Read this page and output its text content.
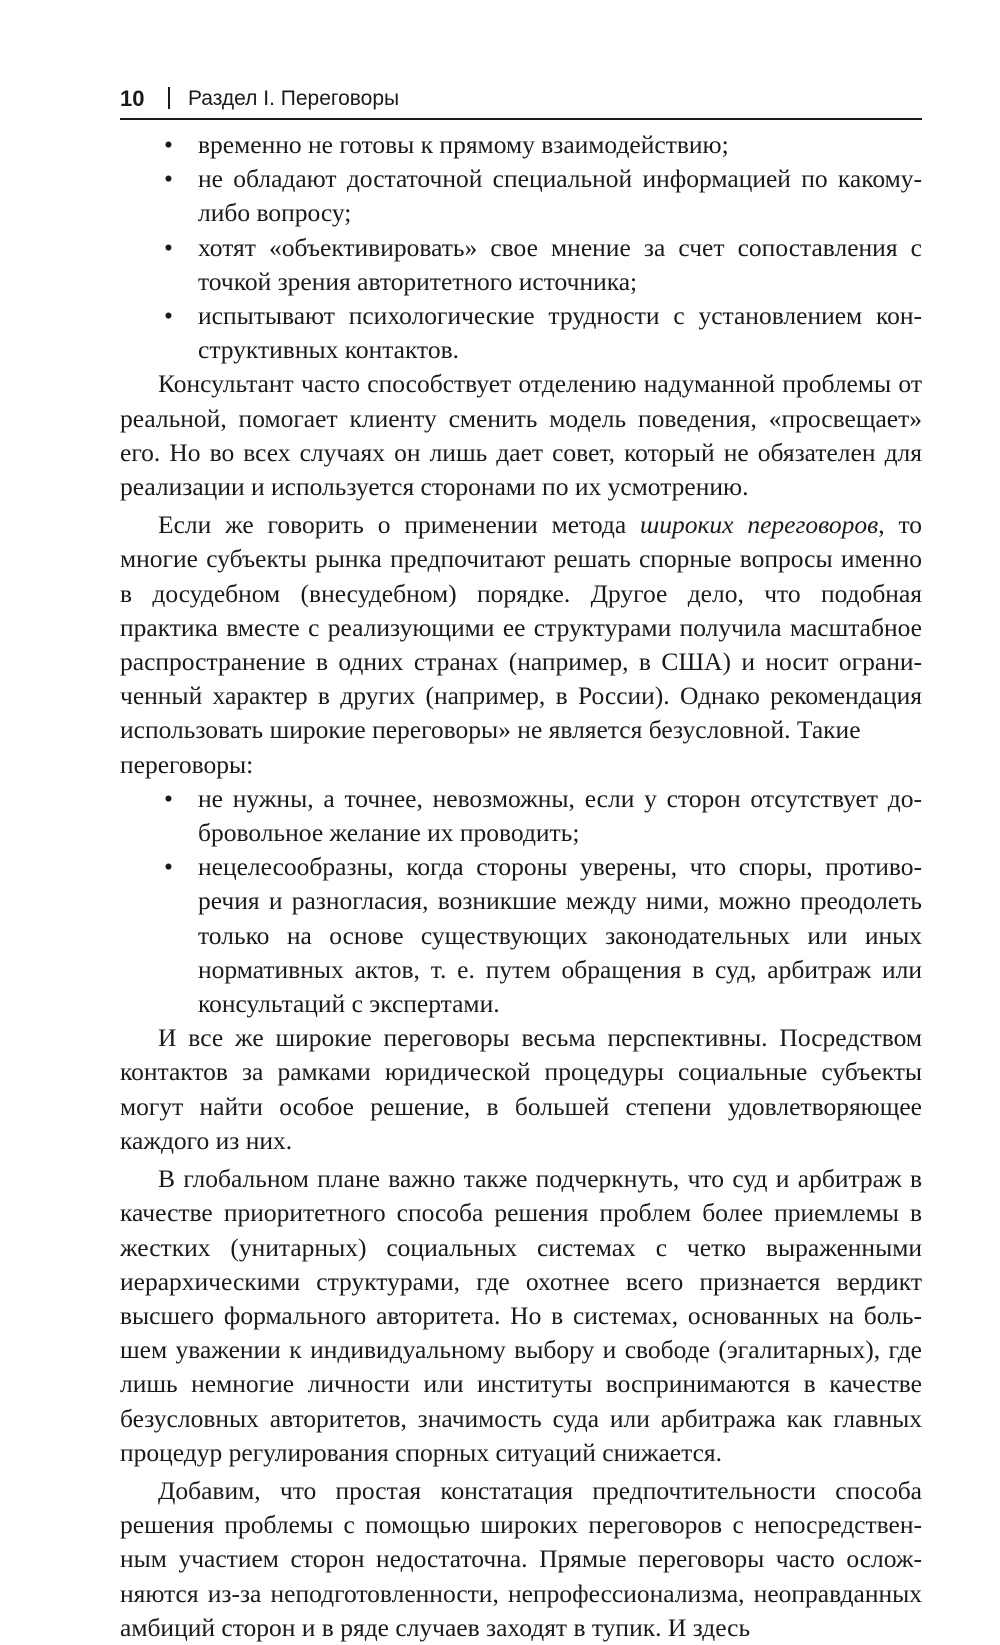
10 Раздел I. Переговоры
• временно не готовы к прямому взаимодействию;
• не обладают достаточной специальной информацией по какому-либо вопросу;
• хотят «объективировать» свое мнение за счет сопоставления с точкой зрения авторитетного источника;
• испытывают психологические трудности с установлением конструктивных контактов.

Консультант часто способствует отделению надуманной проблемы от реальной, помогает клиенту сменить модель поведения, «просвещает» его. Но во всех случаях он лишь дает совет, который не обязателен для реализации и используется сторонами по их усмотрению.

Если же говорить о применении метода широких переговоров, то многие субъекты рынка предпочитают решать спорные вопросы именно в досудебном (внесудебном) порядке. Другое дело, что подобная практика вместе с реализующими ее структурами получила масштабное распространение в одних странах (например, в США) и носит ограниченный характер в других (например, в России). Однако рекомендация использовать широкие переговоры» не является безусловной. Такие

переговоры:

• не нужны, а точнее, невозможны, если у сторон отсутствует добровольное желание их проводить;
• нецелесообразны, когда стороны уверены, что споры, противоречия и разногласия, возникшие между ними, можно преодолеть только на основе существующих законодательных или иных нормативных актов, т. е. путем обращения в суд, арбитраж или консультаций с экспертами.

И все же широкие переговоры весьма перспективны. Посредством контактов за рамками юридической процедуры социальные субъекты могут найти особое решение, в большей степени удовлетворяющее каждого из них.

В глобальном плане важно также подчеркнуть, что суд и арбитраж в качестве приоритетного способа решения проблем более приемлемы в жестких (унитарных) социальных системах с четко выраженными иерархическими структурами, где охотнее всего признается вердикт высшего формального авторитета. Но в системах, основанных на большем уважении к индивидуальному выбору и свободе (эгалитарных), где лишь немногие личности или институты воспринимаются в качестве безусловных авторитетов, значимость суда или арбитража как главных процедур регулирования спорных ситуаций снижается.

Добавим, что простая констатация предпочтительности способа решения проблемы с помощью широких переговоров с непосредственным участием сторон недостаточна. Прямые переговоры часто осложняются из-за неподготовленности, непрофессионализма, неоправданных амбиций сторон и в ряде случаев заходят в тупик. И здесь
